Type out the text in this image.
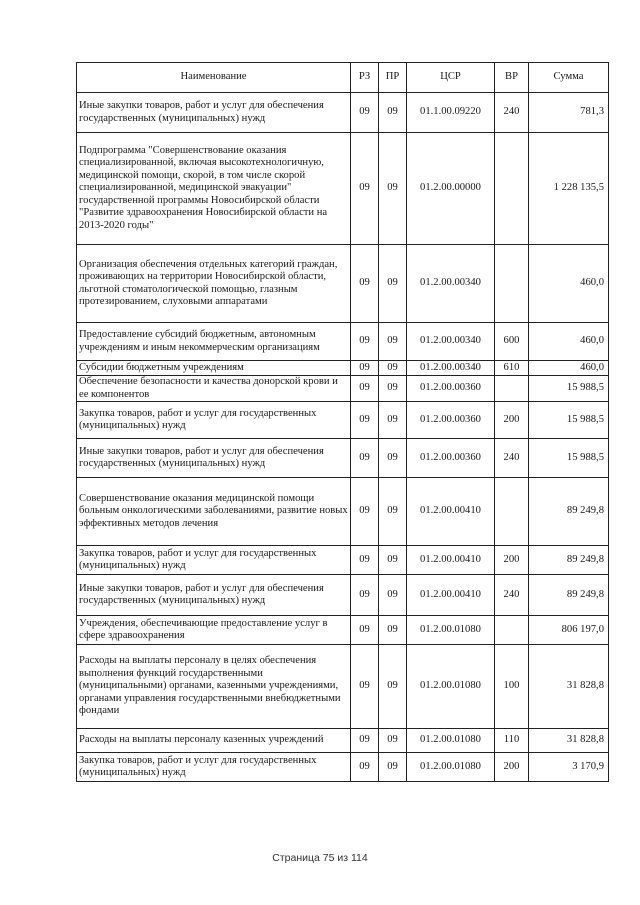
Наименование	РЗ	ПР	ЦСР	ВР	Сумма
Иные закупки товаров, работ и услуг для обеспечения государственных (муниципальных) нужд	09	09	01.1.00.09220	240	781,3
Подпрограмма "Совершенствование оказания специализированной, включая высокотехнологичную, медицинской помощи, скорой, в том числе скорой специализированной, медицинской эвакуации" государственной программы Новосибирской области "Развитие здравоохранения Новосибирской области на 2013-2020 годы"	09	09	01.2.00.00000		1 228 135,5
Организация обеспечения отдельных категорий граждан, проживающих на территории Новосибирской области, льготной стоматологической помощью, глазным протезированием, слуховыми аппаратами	09	09	01.2.00.00340		460,0
Предоставление субсидий бюджетным, автономным учреждениям и иным некоммерческим организациям	09	09	01.2.00.00340	600	460,0
Субсидии бюджетным учреждениям	09	09	01.2.00.00340	610	460,0
Обеспечение безопасности и качества донорской крови и ее компонентов	09	09	01.2.00.00360		15 988,5
Закупка товаров, работ и услуг для государственных (муниципальных) нужд	09	09	01.2.00.00360	200	15 988,5
Иные закупки товаров, работ и услуг для обеспечения государственных (муниципальных) нужд	09	09	01.2.00.00360	240	15 988,5
Совершенствование оказания медицинской помощи больным онкологическими заболеваниями, развитие новых эффективных методов лечения	09	09	01.2.00.00410		89 249,8
Закупка товаров, работ и услуг для государственных (муниципальных) нужд	09	09	01.2.00.00410	200	89 249,8
Иные закупки товаров, работ и услуг для обеспечения государственных (муниципальных) нужд	09	09	01.2.00.00410	240	89 249,8
Учреждения, обеспечивающие предоставление услуг в сфере здравоохранения	09	09	01.2.00.01080		806 197,0
Расходы на выплаты персоналу в целях обеспечения выполнения функций государственными (муниципальными) органами, казенными учреждениями, органами управления государственными внебюджетными фондами	09	09	01.2.00.01080	100	31 828,8
Расходы на выплаты персоналу казенных учреждений	09	09	01.2.00.01080	110	31 828,8
Закупка товаров, работ и услуг для государственных (муниципальных) нужд	09	09	01.2.00.01080	200	3 170,9
Страница 75 из 114
